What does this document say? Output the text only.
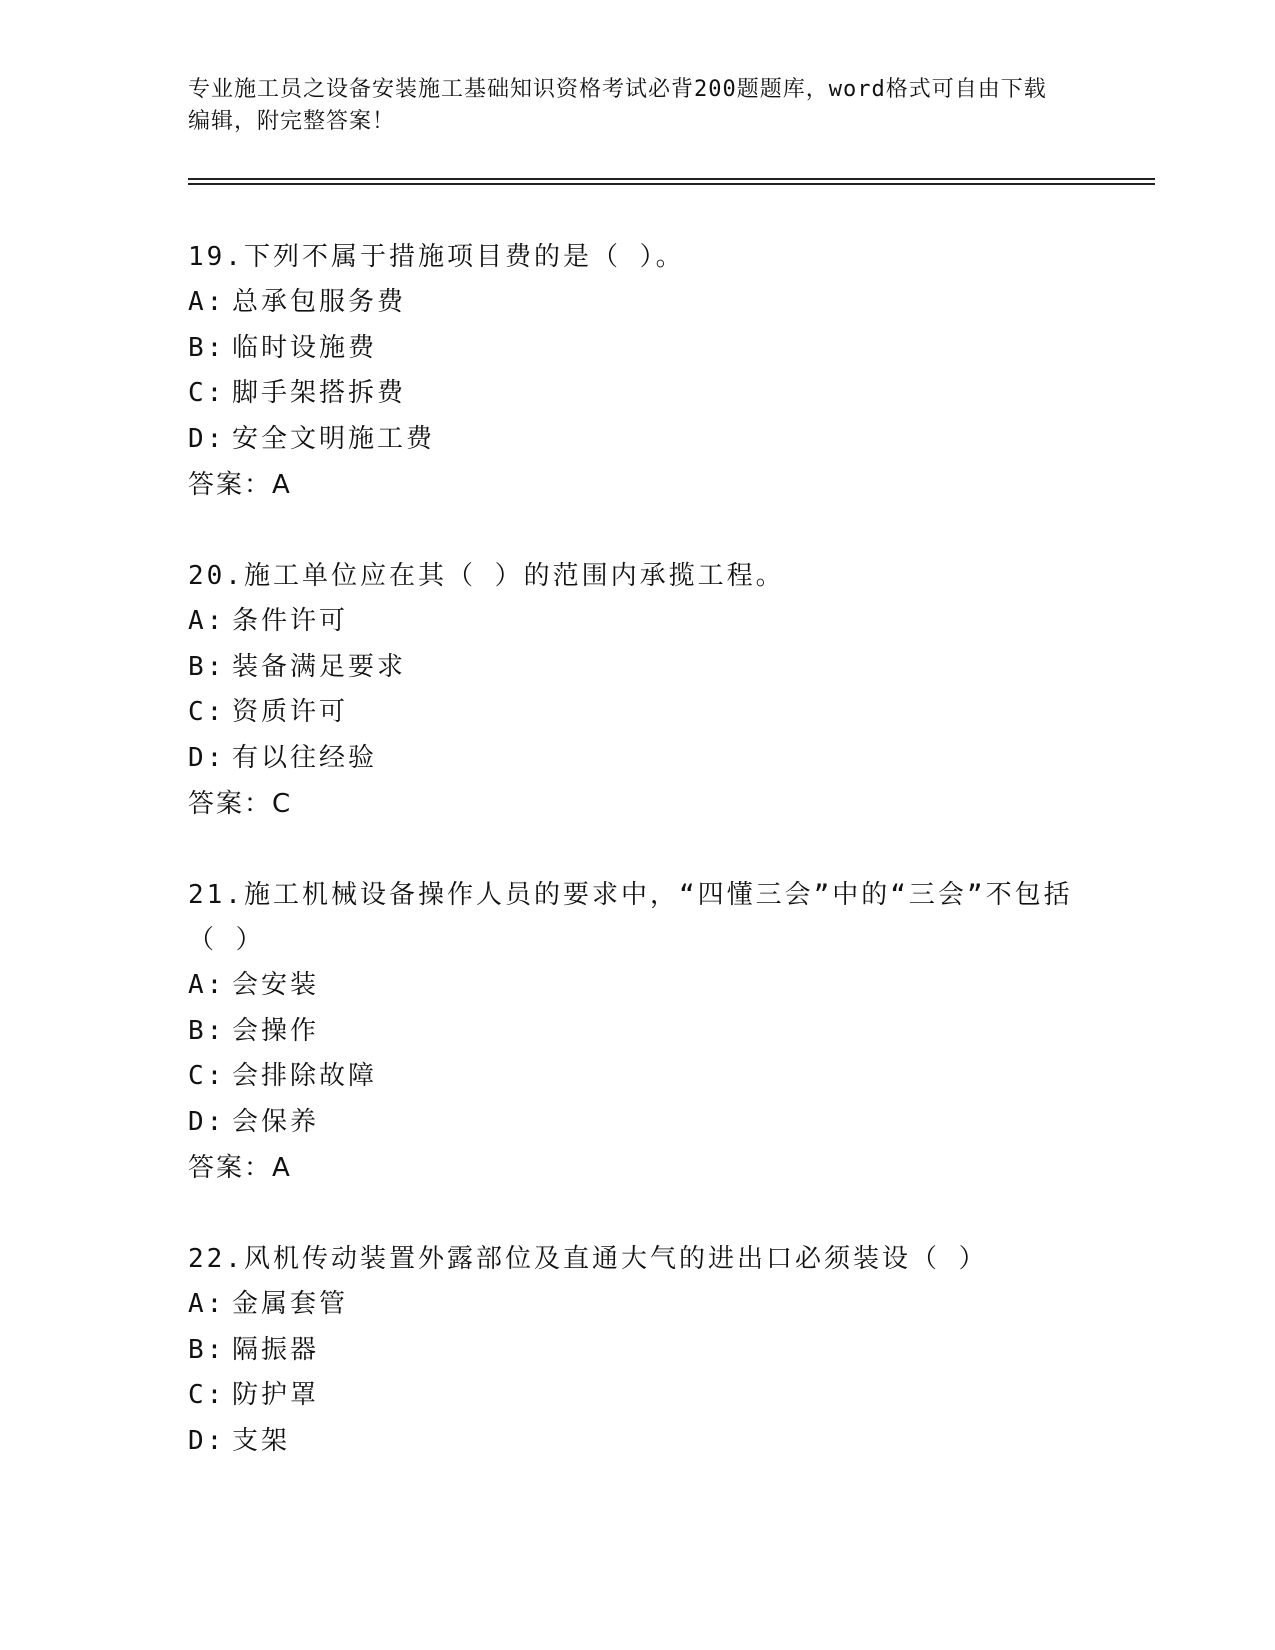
专业施工员之设备安装施工基础知识资格考试必背200题题库，word格式可自由下载编辑，附完整答案！

19.下列不属于措施项目费的是（ ）。

A: 总承包服务费

B: 临时设施费

C: 脚手架搭拆费

D: 安全文明施工费

答案：A

20.施工单位应在其（ ）的范围内承揽工程。

A: 条件许可

B: 装备满足要求

C: 资质许可

D: 有以往经验

答案：C

21.施工机械设备操作人员的要求中，“四懂三会”中的“三会”不包括（ ）

A: 会安装

B: 会操作

C: 会排除故障

D: 会保养

答案：A

22.风机传动装置外露部位及直通大气的进出口必须装设（ ）

A: 金属套管

B: 隔振器

C: 防护罩

D: 支架
